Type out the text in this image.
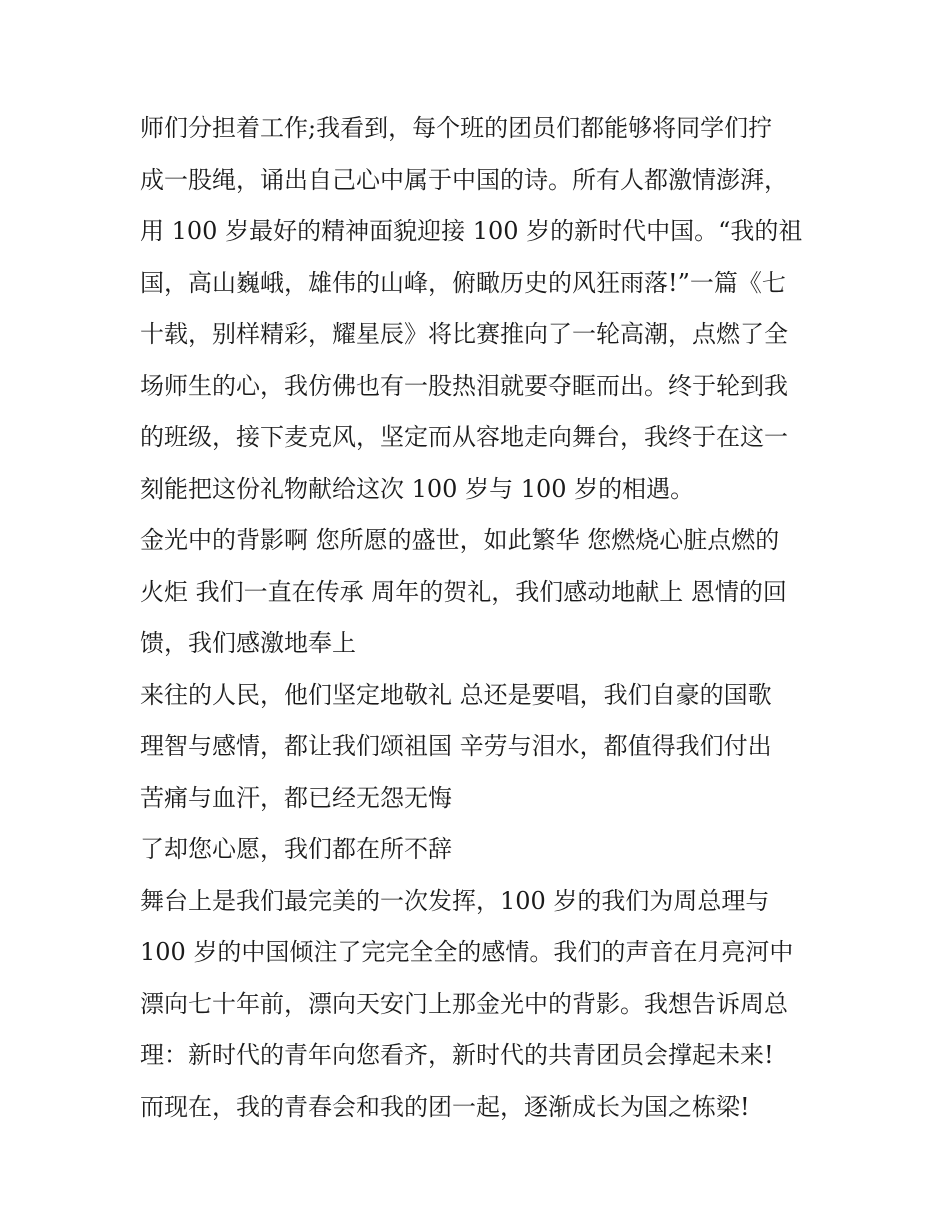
师们分担着工作;我看到，每个班的团员们都能够将同学们拧
成一股绳，诵出自己心中属于中国的诗。所有人都激情澎湃，
用 100 岁最好的精神面貌迎接 100 岁的新时代中国。“我的祖
国，高山巍峨，雄伟的山峰，俯瞰历史的风狂雨落!”一篇《七
十载，别样精彩，耀星辰》将比赛推向了一轮高潮，点燃了全
场师生的心，我仿佛也有一股热泪就要夺眶而出。终于轮到我
的班级，接下麦克风，坚定而从容地走向舞台，我终于在这一
刻能把这份礼物献给这次 100 岁与 100 岁的相遇。
金光中的背影啊 您所愿的盛世，如此繁华 您燃烧心脏点燃的
火炬 我们一直在传承 周年的贺礼，我们感动地献上 恩情的回
馈，我们感激地奉上
来往的人民，他们坚定地敬礼 总还是要唱，我们自豪的国歌
理智与感情，都让我们颂祖国 辛劳与泪水，都值得我们付出
苦痛与血汗，都已经无怨无悔
了却您心愿，我们都在所不辞
舞台上是我们最完美的一次发挥，100 岁的我们为周总理与
100 岁的中国倾注了完完全全的感情。我们的声音在月亮河中
漂向七十年前，漂向天安门上那金光中的背影。我想告诉周总
理：新时代的青年向您看齐，新时代的共青团员会撑起未来!
而现在，我的青春会和我的团一起，逐渐成长为国之栋梁!
